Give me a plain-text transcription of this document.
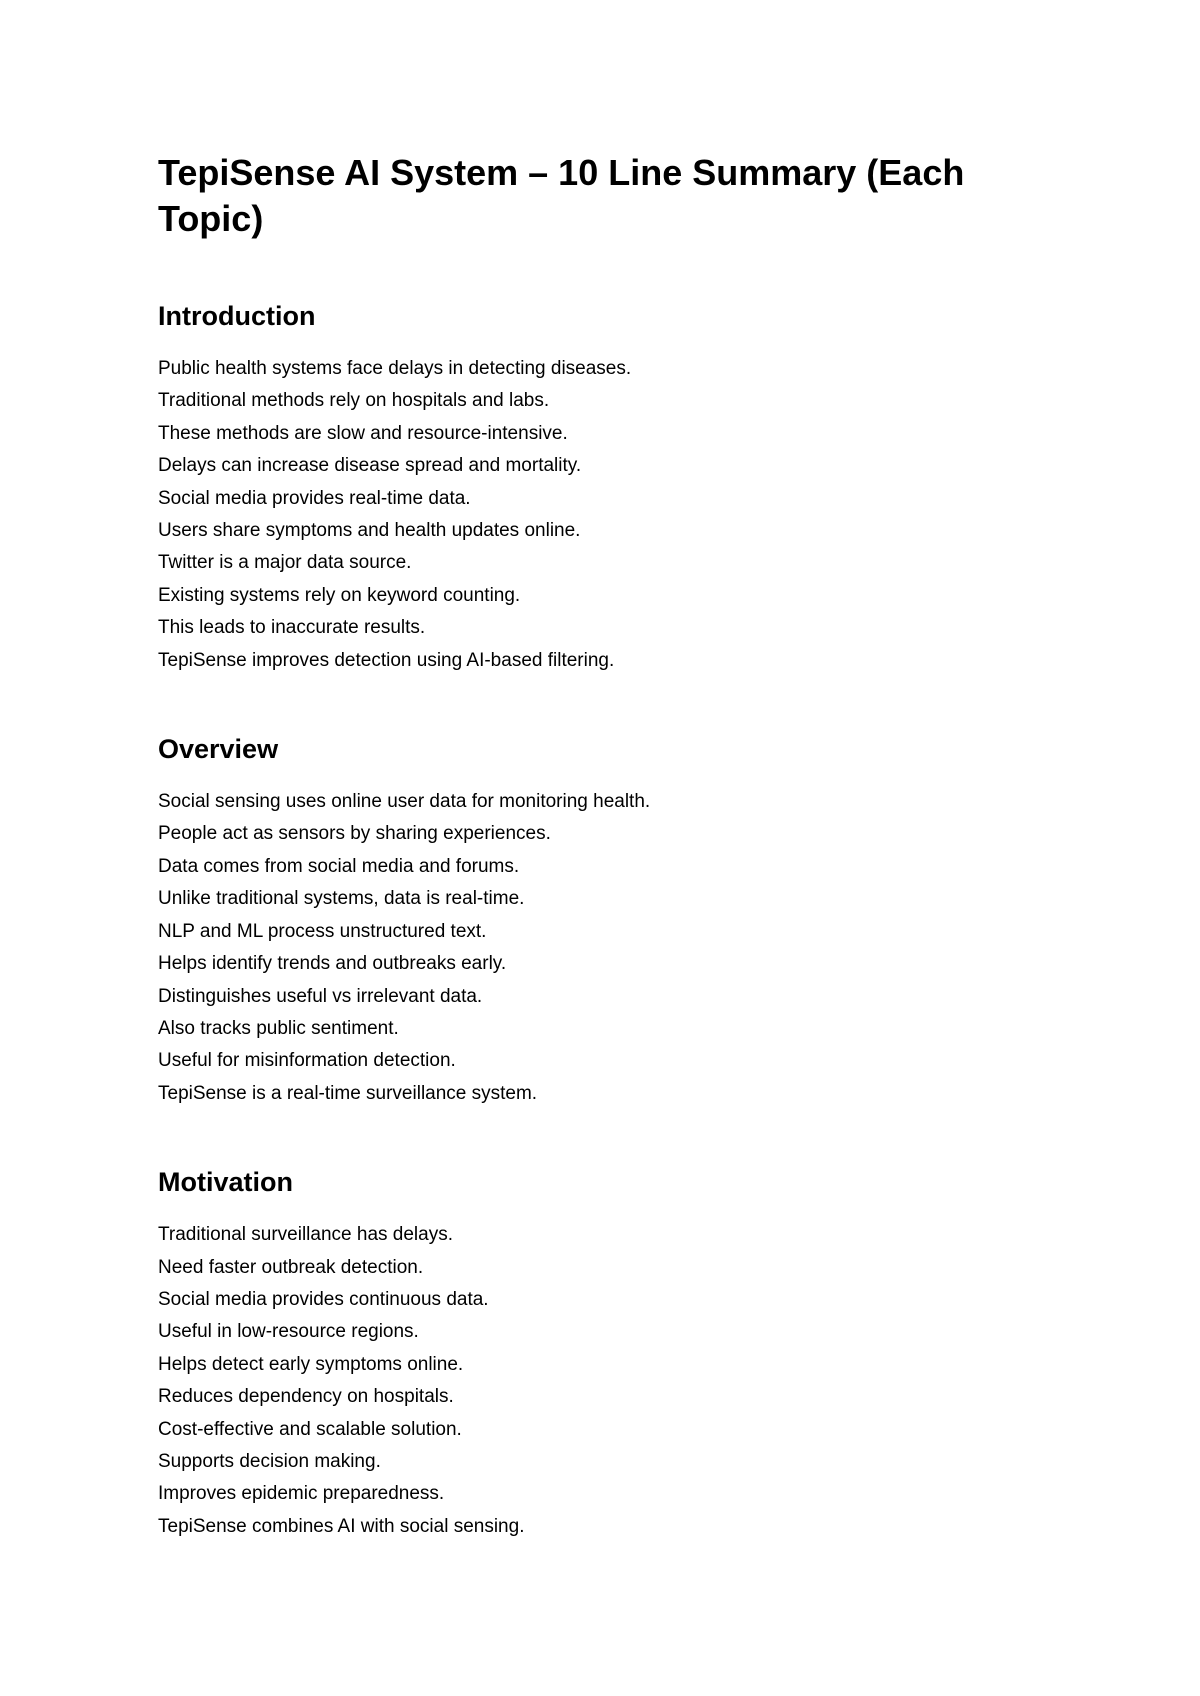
TepiSense AI System – 10 Line Summary (Each Topic)
Introduction
Public health systems face delays in detecting diseases.
Traditional methods rely on hospitals and labs.
These methods are slow and resource-intensive.
Delays can increase disease spread and mortality.
Social media provides real-time data.
Users share symptoms and health updates online.
Twitter is a major data source.
Existing systems rely on keyword counting.
This leads to inaccurate results.
TepiSense improves detection using AI-based filtering.
Overview
Social sensing uses online user data for monitoring health.
People act as sensors by sharing experiences.
Data comes from social media and forums.
Unlike traditional systems, data is real-time.
NLP and ML process unstructured text.
Helps identify trends and outbreaks early.
Distinguishes useful vs irrelevant data.
Also tracks public sentiment.
Useful for misinformation detection.
TepiSense is a real-time surveillance system.
Motivation
Traditional surveillance has delays.
Need faster outbreak detection.
Social media provides continuous data.
Useful in low-resource regions.
Helps detect early symptoms online.
Reduces dependency on hospitals.
Cost-effective and scalable solution.
Supports decision making.
Improves epidemic preparedness.
TepiSense combines AI with social sensing.
